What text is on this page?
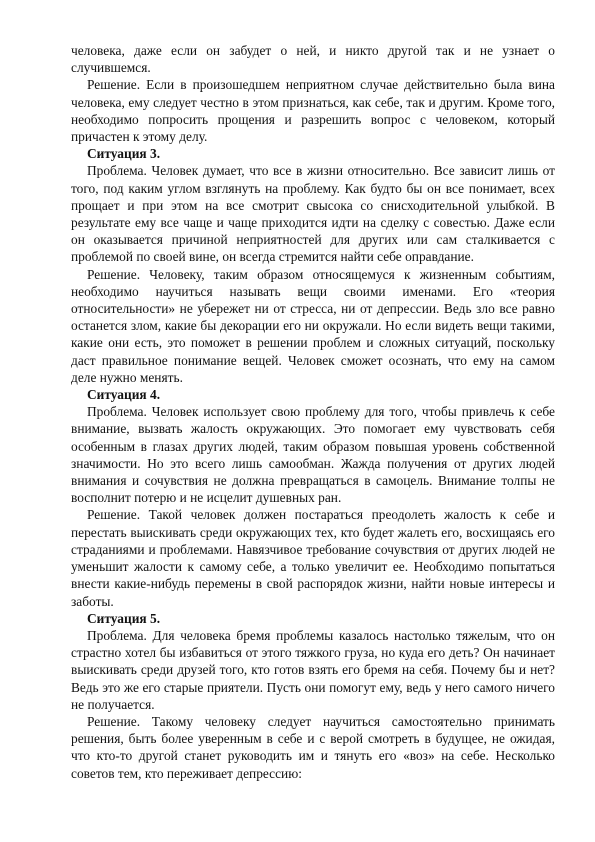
человека, даже если он забудет о ней, и никто другой так и не узнает о случившемся.

Решение. Если в произошедшем неприятном случае действительно была вина человека, ему следует честно в этом признаться, как себе, так и другим. Кроме того, необходимо попросить прощения и разрешить вопрос с человеком, который причастен к этому делу.

Ситуация 3.

Проблема. Человек думает, что все в жизни относительно. Все зависит лишь от того, под каким углом взглянуть на проблему. Как будто бы он все понимает, всех прощает и при этом на все смотрит свысока со снисходительной улыбкой. В результате ему все чаще и чаще приходится идти на сделку с совестью. Даже если он оказывается причиной неприятностей для других или сам сталкивается с проблемой по своей вине, он всегда стремится найти себе оправдание.

Решение. Человеку, таким образом относящемуся к жизненным событиям, необходимо научиться называть вещи своими именами. Его «теория относительности» не убережет ни от стресса, ни от депрессии. Ведь зло все равно останется злом, какие бы декорации его ни окружали. Но если видеть вещи такими, какие они есть, это поможет в решении проблем и сложных ситуаций, поскольку даст правильное понимание вещей. Человек сможет осознать, что ему на самом деле нужно менять.

Ситуация 4.

Проблема. Человек использует свою проблему для того, чтобы привлечь к себе внимание, вызвать жалость окружающих. Это помогает ему чувствовать себя особенным в глазах других людей, таким образом повышая уровень собственной значимости. Но это всего лишь самообман. Жажда получения от других людей внимания и сочувствия не должна превращаться в самоцель. Внимание толпы не восполнит потерю и не исцелит душевных ран.

Решение. Такой человек должен постараться преодолеть жалость к себе и перестать выискивать среди окружающих тех, кто будет жалеть его, восхищаясь его страданиями и проблемами. Навязчивое требование сочувствия от других людей не уменьшит жалости к самому себе, а только увеличит ее. Необходимо попытаться внести какие-нибудь перемены в свой распорядок жизни, найти новые интересы и заботы.

Ситуация 5.

Проблема. Для человека бремя проблемы казалось настолько тяжелым, что он страстно хотел бы избавиться от этого тяжкого груза, но куда его деть? Он начинает выискивать среди друзей того, кто готов взять его бремя на себя. Почему бы и нет? Ведь это же его старые приятели. Пусть они помогут ему, ведь у него самого ничего не получается.

Решение. Такому человеку следует научиться самостоятельно принимать решения, быть более уверенным в себе и с верой смотреть в будущее, не ожидая, что кто-то другой станет руководить им и тянуть его «воз» на себе. Несколько советов тем, кто переживает депрессию:
